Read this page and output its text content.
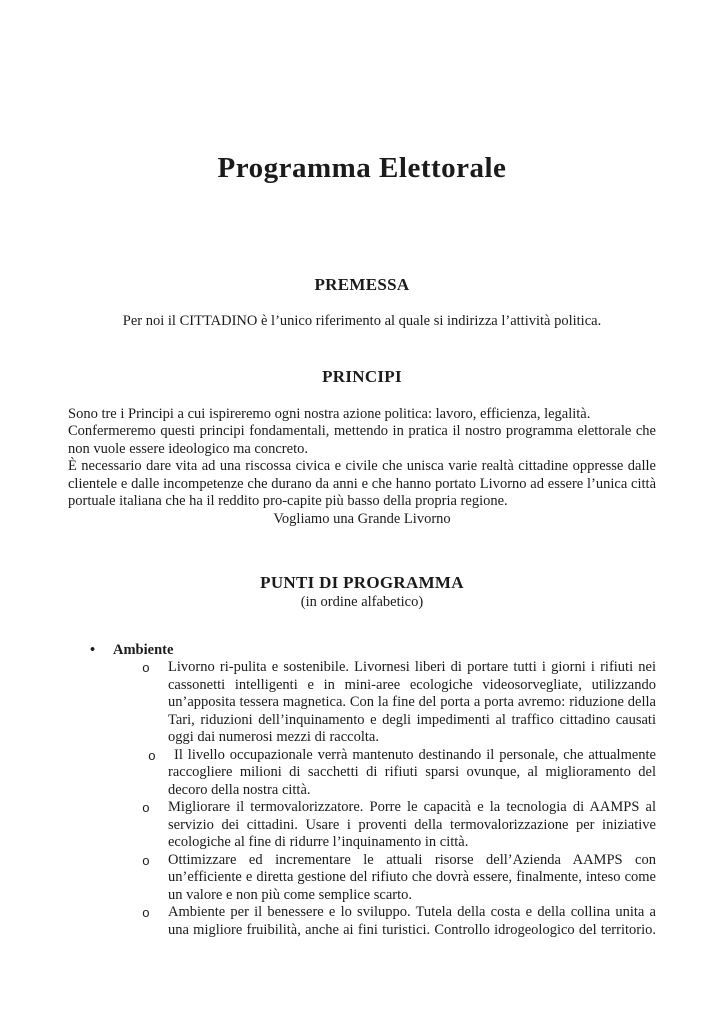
Programma Elettorale
PREMESSA

Per noi il CITTADINO è l’unico riferimento al quale si indirizza l’attività politica.

PRINCIPI

Sono tre i Principi a cui ispireremo ogni nostra azione politica: lavoro, efficienza, legalità.

Confermeremo questi principi fondamentali, mettendo in pratica il nostro programma elettorale che non vuole essere ideologico ma concreto.

È necessario dare vita ad una riscossa civica e civile che unisca varie realtà cittadine oppresse dalle clientele e dalle incompetenze che durano da anni e che hanno portato Livorno ad essere l’unica città portuale italiana che ha il reddito pro-capite più basso della propria regione.

Vogliamo una Grande Livorno

PUNTI DI PROGRAMMA

(in ordine alfabetico)

• Ambiente
o Livorno ri-pulita e sostenibile. Livornesi liberi di portare tutti i giorni i rifiuti nei cassonetti intelligenti e in mini-aree ecologiche videosorvegliate, utilizzando un’apposita tessera magnetica. Con la fine del porta a porta avremo: riduzione della Tari, riduzioni dell’inquinamento e degli impedimenti al traffico cittadino causati oggi dai numerosi mezzi di raccolta.
o Il livello occupazionale verrà mantenuto destinando il personale, che attualmente raccogliere milioni di sacchetti di rifiuti sparsi ovunque, al miglioramento del decoro della nostra città.
o Migliorare il termovalorizzatore. Porre le capacità e la tecnologia di AAMPS al servizio dei cittadini. Usare i proventi della termovalorizzazione per iniziative ecologiche al fine di ridurre l’inquinamento in città.
o Ottimizzare ed incrementare le attuali risorse dell’Azienda AAMPS con un’efficiente e diretta gestione del rifiuto che dovrà essere, finalmente, inteso come un valore e non più come semplice scarto.
o Ambiente per il benessere e lo sviluppo. Tutela della costa e della collina unita a una migliore fruibilità, anche ai fini turistici. Controllo idrogeologico del territorio.
